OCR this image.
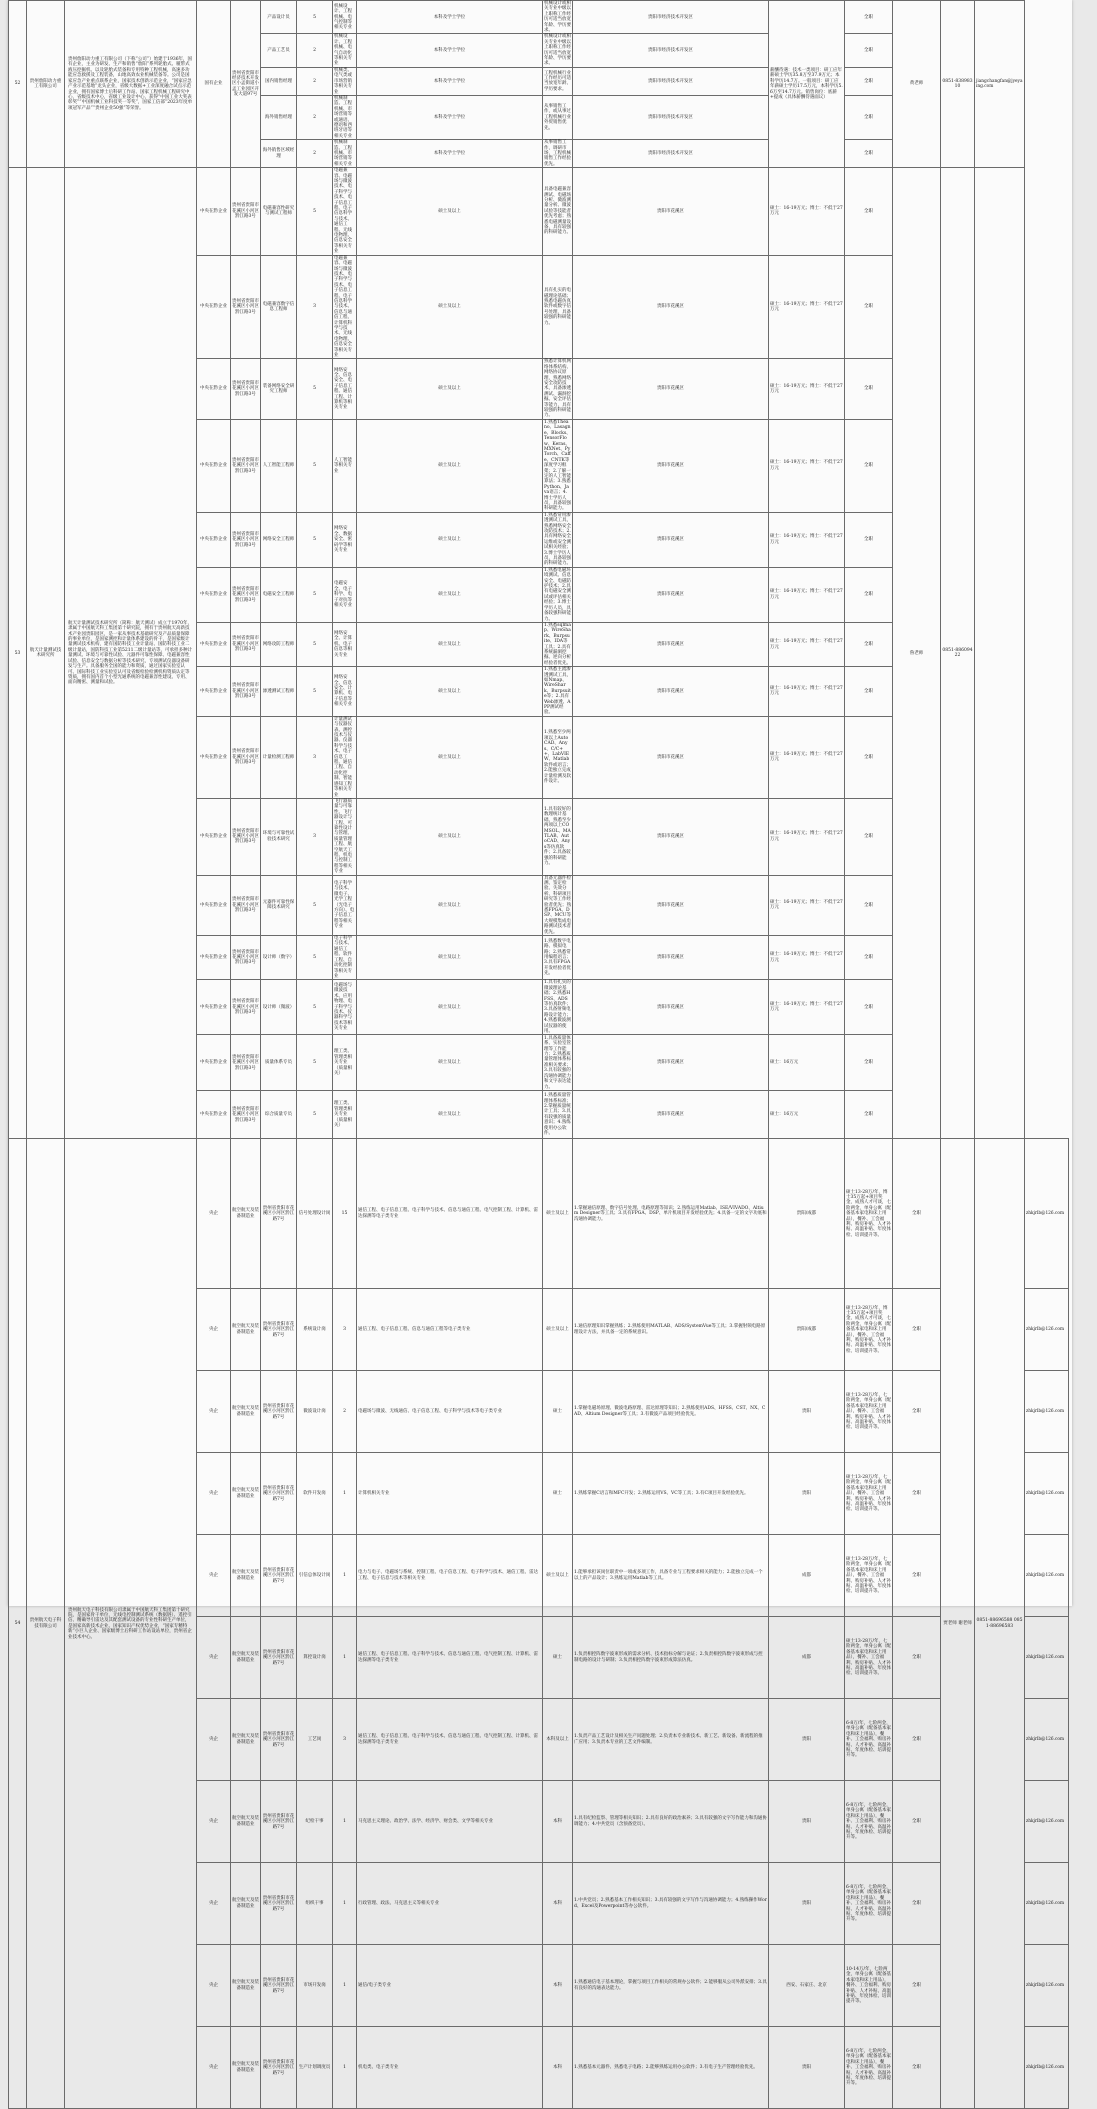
52	贵州詹阳动力重工有限公司	贵州詹阳动力重工有限公司（下称“公司”）始建于1936年，国有企业，主业为研发、生产和销售“詹阳”系列轮胎式、履带式液压挖掘机、以及轮胎式装备和专用特种工程机械，高速多功能应急救援及工程装备，山地高效农业机械装备等。公司是国家应急产业重点联系企业，国家技术创新示范企业，“国家应急产业示范基地”龙头企业，省级大数据+工业深度融合试点示范企业，拥有国家博士后科研工作站、国家工程机械工程研究中心，省级技术中心，省级工业设计中心，获得“中国工业大奖表彰奖”“中国机械工业科技奖一等奖”，国家工信部“2023年度单项冠军产品”“贵州企业50强”等荣誉。	国有企业	贵州省贵阳市经济技术开发区小孟街道小孟工业园区开发大道97号	产品设计员	5	机械设计、工程机械、电气控制等相关专业	本科及学士学位	机械设计或相关专业中级以上职称工作经历可适当放宽年龄、学历要求。	贵阳市经济技术开发区	薪酬待遇：技术一类项目：研工应年薪硕士学历35.8万至37.9万元；本科学历14.7万。一般项目：研工应年薪硕士学历17.5万元，本科学历5.6万至14.7万元。销售岗位：底薪+提成（具体薪酬待遇面议）	全职	黄老师	0851-83898310	jiangchangfan@jyeyaing.com	
					产品工艺员	2	机械设计、工程机械、电气自动化等相关专业	本科及学士学位	机械设计或相关专业中级以上职称工作经历可适当放宽年龄、学历要求。	贵阳市经济技术开发区		全职				
					国内销售经理	2	机械类、电气类或市场营销等相关专业	本科及学士学位	工程机械行业工作经历可适当放宽年龄、学历要求。	贵阳市经济技术开发区		全职				
					海外销售经理	2	机械制造、工程机械、市场营销等或通语、德语和西班牙语等相关专业	本科及学士学位	从事销售工作，或从事过工程机械行业外贸销售优先。	贵阳市经济技术开发区		全职				
					海外销售区域经理	2	机械制造、工程机械、市场营销等相关专业	本科及学士学位	从事销售工作，调研市场，工程机械销售工作经验优先。	贵阳市经济技术开发区		全职				
53	航天计量测试技术研究所	航天计量测试技术研究所（简称：航天测试）成立于1970年，隶属于中国航天科工集团第十研究院，拥有于贵州航天高新技术产业园贵阳园区，是一家从事技术基础研究及产品质量保障的事业单位，是国家测控和计量体系建设的骨干，是国家级计量测试技术机构，建有国防科技工业计量站、国防科技工业二级计量站，国防科技工业第5211二级计量站等，可承担多种计量测试、环境与可靠性试验、元器件可靠性保障、电磁兼容性试验、信息安全与数据分析等技术研究，专项测试仪器设备研发与生产。具备服务全国的能力和资质，通过国家实验室认可、国际科技工业实验室认可及省级检验检测机构资质认定等资质，拥有国内首个小型光通系统的电磁兼容性建设、专用、面向精密、测量和试验。	中央在黔企业	贵州省贵阳市花溪区小河区黔江路3号	电磁兼容性研究与测试工程师	5	电磁兼容、电磁场与微波技术、电子科学与技术、电子信息工程、电子信息科学与技术、通信工程、无线电物理、信息安全等相关专业	硕士及以上	具备电磁兼容测试、电磁场分析、微波测量分析、微波试验等技能者优先考虑；熟悉电磁测量设备，具有较强的科研能力。	贵阳市花溪区	硕士：16-19万元；博士：不低于27万元	全职	鲁老师	0851-88609422		
			中央在黔企业	贵州省贵阳市花溪区小河区黔江路3号	电磁兼容数字信息工程师	3	电磁兼容、电磁场与微波技术、电子科学与技术、电子信息工程、电子信息科学与技术、信息与通信工程、计算机科学与技术、无线电物理、信息安全等相关专业	硕士及以上	具有扎实的电磁理论基础；熟悉电磁仿真软件或数字信号处理，具备较强的科研能力。	贵阳市花溪区	硕士：16-19万元；博士：不低于27万元	全职				
			中央在黔企业	贵州省贵阳市花溪区小河区黔江路3号	装备网络安全研究工程师	5	网络安全、信息安全、电子信息工程、通信工程、计算机等相关专业	硕士及以上	熟悉计算机网络体系结构、网络协议原理，熟悉网络安全攻防技术，具备渗透测试、漏洞挖掘、安全评估等能力，具有较强的科研能力。	贵阳市花溪区	硕士：16-19万元；博士：不低于27万元	全职				
			中央在黔企业	贵州省贵阳市花溪区小河区黔江路3号	人工智能工程师	5	人工智能等相关专业	硕士及以上	1.熟悉Theano、Lasagne、Blocks、TensorFlow、Keras、MXNet、PyTorch、Caffe、CNTK等深度学习框架；2.了解一定的人工智能算法；3.熟悉Python、Java语言；4.博士学历人员，具备较强科研能力。	贵阳市花溪区	硕士：16-19万元；博士：不低于27万元	全职				
			中央在黔企业	贵州省贵阳市花溪区小河区黔江路3号	网络安全工程师	5	网络安全、数据安全、密码学等相关专业	硕士及以上	1.熟悉常用渗透测试工具，熟悉网络安全攻防技术；2.具有网络安全运维或安全测试相关经验；3.博士学历人员，具备较强的科研能力。	贵阳市花溪区	硕士：16-19万元；博士：不低于27万元	全职				
			中央在黔企业	贵州省贵阳市花溪区小河区黔江路3号	电磁安全工程师	5	电磁安全、电子科学、电子对抗等相关专业	硕士及以上	1.熟悉电磁环境测试、信息安全、电磁防护技术；2.具有电磁安全测试或评估相关经验；3.博士学历人员，具备较强科研能力。	贵阳市花溪区	硕士：16-19万元；博士：不低于27万元	全职				
			中央在黔企业	贵州省贵阳市花溪区小河区黔江路3号	网络攻防工程师	5	网络安全、计算机、电子信息等相关专业	硕士及以上	1.熟悉sqlmap、WireShark、Burpsuite、IDA等工具；2.具有系统漏洞挖掘、逆向分析经验者优先。	贵阳市花溪区	硕士：16-19万元；博士：不低于27万元	全职				
			中央在黔企业	贵州省贵阳市花溪区小河区黔江路3号	渗透测试工程师	5	网络安全、信息安全、计算机、电子信息等相关专业	硕士及以上	1.熟悉主流渗透测试工具，如Nmap、WireShark、Burpsuite等；2.具有Web渗透、APP测试经验。	贵阳市花溪区	硕士：16-19万元；博士：不低于27万元	全职				
			中央在黔企业	贵州省贵阳市花溪区小河区黔江路3号	计量检测工程师	3	计量测试与仪器仪表、测控技术与仪器、仪器科学与技术、电子信息工程、通信工程、自动化控制、智能感知工程等相关专业	硕士及以上	1.熟悉至少两项以上AutoCAD、Anys、C/C++、LabVIEW、Matlab软件或语言；2.能独立完成计量检测及软件设计。	贵阳市花溪区	硕士：16-19万元；博士：不低于27万元	全职				
			中央在黔企业	贵州省贵阳市花溪区小河区黔江路3号	环境与可靠性试验技术研究	3	飞行器质量与可靠性、飞行器设计与工程、可靠性设计与管理、质量管理工程、航空航天工程、机电与控制工程等相关专业	硕士及以上	1.具有较好的数理统计基础，熟悉至少两项以上COMSOL、MATLAB、AutoCAD、Anys等仿真软件；2.具备较强的科研能力。	贵阳市花溪区	硕士：16-19万元；博士：不低于27万元	全职				
			中央在黔企业	贵州省贵阳市花溪区小河区黔江路3号	元器件可靠性保障技术研究	5	电子科学与技术、微电子、光学工程（光电子方向）、电子信息工程等相关专业	硕士及以上	具备元器件检测、鉴定检验、失效分析、科研项目研究等工作经验者优先；熟悉FPGA、DSP、MCU等大规模集成电路测试技术者优先。	贵阳市花溪区	硕士：16-19万元；博士：不低于27万元	全职				
			中央在黔企业	贵州省贵阳市花溪区小河区黔江路3号	设计师（数字）	5	电子科学与技术、通信工程、软件工程、自动化控制等相关专业	硕士及以上	1.熟悉数字电路、模拟电路；2.熟悉常用编程语言；3.具有FPGA开发经验者优先。	贵阳市花溪区	硕士：16-19万元；博士：不低于27万元	全职				
			中央在黔企业	贵州省贵阳市花溪区小河区黔江路3号	设计师（微波）	5	电磁场与微波技术、应用物理、电子科学与技术、仪器科学与技术等相关专业	硕士及以上	1.具有扎实的微波理论基础；2.熟悉HFSS、ADS等仿真软件；3.具备射频电路设计能力；4.熟悉微波测试仪器的使用。	贵阳市花溪区	硕士：16-19万元；博士：不低于27万元	全职				
			中央在黔企业	贵州省贵阳市花溪区小河区黔江路3号	质量体系专员	5	理工类、管理类相关专业（质量相关）	硕士及以上	1.具备质量体系、实验室管理等工作能力；2.熟悉质量管理体系标准相关要求；3.具有较强的沟通协调能力和文字表达能力。	贵阳市花溪区	硕士：16万元	全职				
			中央在黔企业	贵州省贵阳市花溪区小河区黔江路3号	综合质量专员	5	理工类、管理类相关专业（质量相关）	硕士及以上	1.熟悉质量管理体系标准；2.掌握质量统计工具；3.具有较强的质量意识；4.熟练使用办公软件。	贵阳市花溪区	硕士：16万元	全职				
54	贵州航天电子科技有限公司	贵州航天电子科技有限公司隶属于中国航天科工集团第十研究院，是国家骨干单位，无线电控制测试系统（数据链）、遥控引信、精确导引雷达及其配套测试设备的专业性科研生产单位，是国家高新技术企业、国家知识产权优势企业，“国家专精特新”小巨人企业、国家级博士后科研工作站设站单位，贵州省企业技术中心。	央企	航空航天及装备制造业	贵州省贵阳市花溪区小河区黔江路7号	信号处理设计岗	15	通信工程、电子信息工程、电子科学与技术、信息与通信工程、电气控制工程、计算机、雷达探测等电子类专业	硕士及以上	1.掌握通信原理、数字信号处理、电路原理等知识；2.熟练运用Matlab、ISE/VIVADO、Altium Designer等工具；3.具有FPGA、DSP、单片机项目开发经验优先；4.具备一定的文字功底和沟通协调能力。	贵阳/成都	硕士13-28万/年，博士35万起+项目奖金，成熟人才可谈，七险两金，单身公寓（配备基本家电和床上用品），餐补、工会福利、购房补贴、人才补贴、高温补贴、年度体检、培训提升等。	全职	贾老师 谢老师	0851-88696588 0851-88696583	zhkjrlb@126.com
			央企	航空航天及装备制造业	贵州省贵阳市花溪区小河区黔江路7号	系统设计岗	3	通信工程、电子信息工程、信息与通信工程等电子类专业	硕士及以上	1.通信原理知识掌握熟练；2.熟练使用MATLAB、ADS/SystemVue等工具；3.掌握射频电路原理设计方法，并具备一定的系统意识。	贵阳/成都	硕士13-28万/年，博士35万起+项目奖金，成熟人才可谈，七险两金，单身公寓（配备基本家电和床上用品），餐补、工会福利、购房补贴、人才补贴、高温补贴、年度体检、培训提升等。	全职			zhkjrlb@126.com
			央企	航空航天及装备制造业	贵州省贵阳市花溪区小河区黔江路7号	微波设计岗	2	电磁场与微波、无线通信、电子信息工程、电子科学与技术等电子类专业	硕士	1.掌握电磁场原理、微波电路原理、雷达原理等知识；2.熟练使用ADS、HFSS、CST、NX、CAD、Altium Designer等工具；3.有微波产品项目经验优先。	贵阳	硕士13-28万/年，七险两金，单身公寓（配备基本家电和床上用品），餐补、工会福利、购房补贴、人才补贴、高温补贴、年度体检、培训提升等。	全职			zhkjrlb@126.com
			央企	航空航天及装备制造业	贵州省贵阳市花溪区小河区黔江路7号	软件开发岗	1	计算机相关专业	硕士	1.熟练掌握C语言和MFC开发；2.熟练运用VS、VC等工具；3.有C项目开发经验优先。	贵阳	硕士13-28万/年，七险两金，单身公寓（配备基本家电和床上用品），餐补、工会福利、购房补贴、人才补贴、高温补贴、年度体检、培训提升等。	全职			zhkjrlb@126.com
			央企	航空航天及装备制造业	贵州省贵阳市花溪区小河区黔江路7号	引信总体设计岗	1	电力与电子、电磁场与系统、控制工程、电子信息工程、电子科学与技术、通信工程、雷达工程、电子信息与技术等相关专业	硕士及以上	1.能够承担该岗位职责中一项或多项工作，具备专业与工程要求相关的能力；2.能独立完成一个以上的产品设计；3.熟练运用Matlab等工具。	成都	硕士13-28万/年，七险两金，单身公寓（配备基本家电和床上用品），餐补、工会福利、购房补贴、人才补贴、高温补贴、年度体检、培训提升等。	全职			zhkjrlb@126.com
			央企	航空航天及装备制造业	贵州省贵阳市花溪区小河区黔江路7号	算控设计岗	1	通信工程、电子信息工程、电子科学与技术、信息与通信工程、电气控制工程、计算机、雷达探测等电子类专业	硕士	1.负责相控阵数字波束形成的需求分析、技术指标分解与论证；2.负责相控阵数字波束形成与控制电路的设计与研制；3.负责相控阵数字波束形成算法仿真。	成都	硕士13-28万/年，七险两金，单身公寓（配备基本家电和床上用品），餐补、工会福利、购房补贴、人才补贴、高温补贴、年度体检、培训提升等。	全职			zhkjrlb@126.com
			央企	航空航天及装备制造业	贵州省贵阳市花溪区小河区黔江路7号	工艺岗	3	通信工程、电子信息工程、电子科学与技术、信息与通信工程、电气控制工程、计算机、雷达探测等电子类专业	本科及以上	1.负责产品工艺设计及相关生产问题处理；2.负责本专业新技术、新工艺、新设备、新流程的推广应用；3.负责本专业的工艺文件编制。	贵阳	6-8万/年，七险两金，单身公寓（配备基本家电和床上用品），餐补、工会福利、购房补贴、人才补贴、高温补贴、年度体检、培训提升等。	全职			zhkjrlb@126.com
			央企	航空航天及装备制造业	贵州省贵阳市花溪区小河区黔江路7号	纪检干事	1	马克思主义理论、政治学、法学、经济学、财会类、文学等相关专业	本科	1.具有纪检监察、管理等相关知识；2.具有良好的政治素养；3.具有较强的文字写作能力和沟通协调能力；4.中共党员（含预备党员）。	贵阳	6-8万/年，七险两金，单身公寓（配备基本家电和床上用品），餐补、工会福利、购房补贴、人才补贴、高温补贴、年度体检、培训提升等。	全职			zhkjrlb@126.com
			央企	航空航天及装备制造业	贵州省贵阳市花溪区小河区黔江路7号	组织干事	1	行政管理、政法、马克思主义等相关专业	本科	1.中共党员；2.熟悉基本工作相关知识；3.具有较强的文字写作与沟通协调能力；4.熟练操作Word、Excel及Powerpoint等办公软件。	贵阳	6-8万/年，七险两金，单身公寓（配备基本家电和床上用品），餐补、工会福利、购房补贴、人才补贴、高温补贴、年度体检、培训提升等。	全职			zhkjrlb@126.com
			央企	航空航天及装备制造业	贵州省贵阳市花溪区小河区黔江路7号	市场开发岗	1	通信/电子类专业	本科	1.熟悉通信电子基本理论，掌握与项目工作相关的常规办公软件；2.能够服从公司外派安排；3.具有良好的沟通表达能力。	西安、石家庄、北京	10-14万/年，七险两金，单身公寓（配备基本家电和床上用品），餐补、工会福利、购房补贴、人才补贴、高温补贴、年度体检、培训提升等。	全职			zhkjrlb@126.com
			央企	航空航天及装备制造业	贵州省贵阳市花溪区小河区黔江路7号	生产计划调度员	1	机电类、电子类专业	本科	1.熟悉基本元器件、熟悉电子电路；2.能够熟练运用办公软件；3.有电子生产管理经验优先。	贵阳	6-8万/年，七险两金，单身公寓（配备基本家电和床上用品），餐补、工会福利、购房补贴、人才补贴、高温补贴、年度体检、培训提升等。	全职			zhkjrlb@126.com
